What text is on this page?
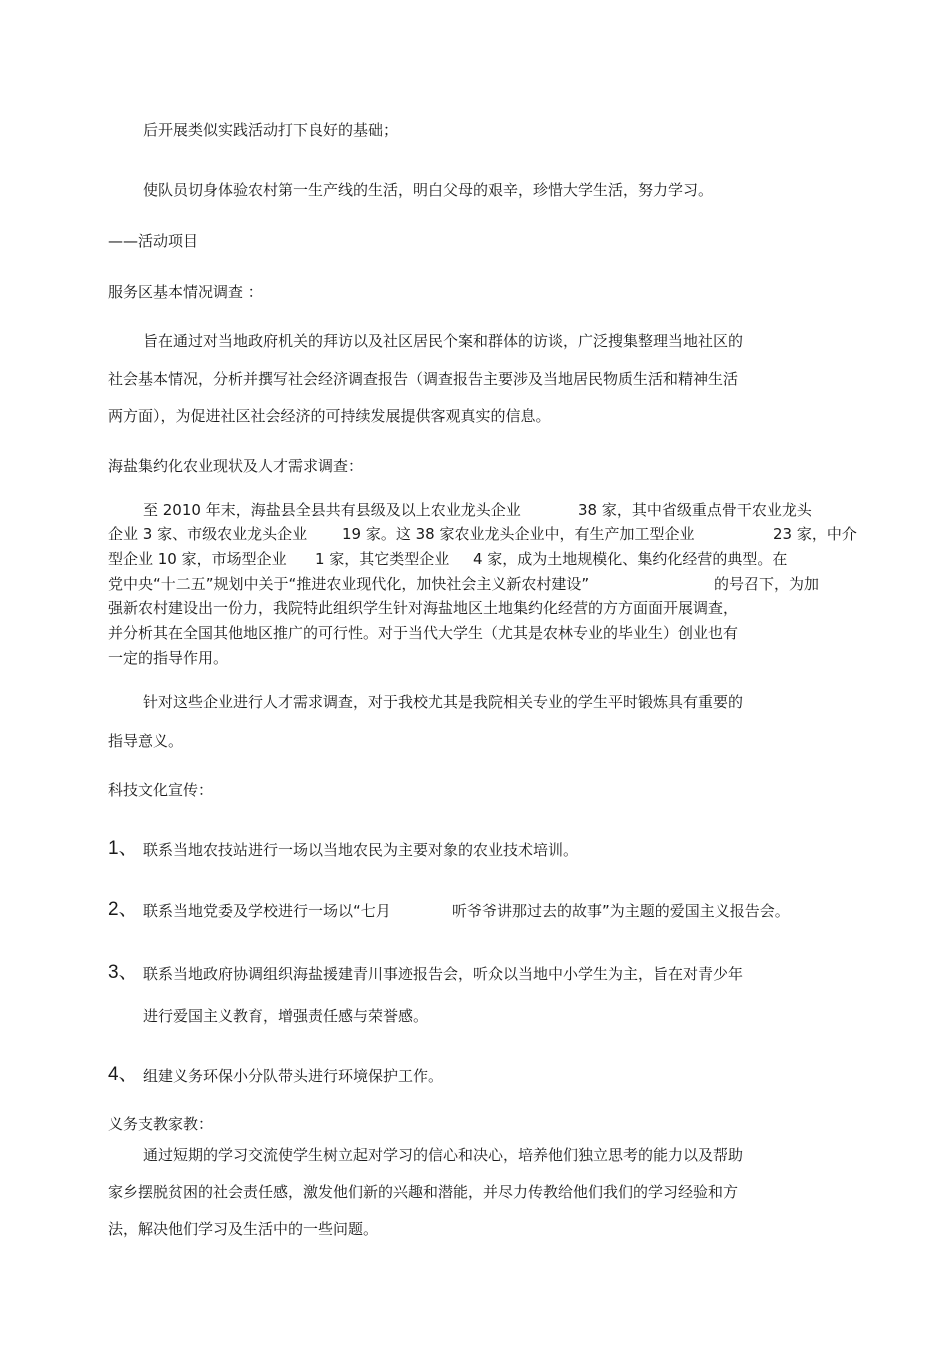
后开展类似实践活动打下良好的基础；
使队员切身体验农村第一生产线的生活，明白父母的艰辛，珍惜大学生活，努力学习。
——活动项目
服务区基本情况调查 ：
旨在通过对当地政府机关的拜访以及社区居民个案和群体的访谈，广泛搜集整理当地社区的
社会基本情况，分析并撰写社会经济调查报告（调查报告主要涉及当地居民物质生活和精神生活
两方面），为促进社区社会经济的可持续发展提供客观真实的信息。
海盐集约化农业现状及人才需求调查：
至 2010 年末，海盐县全县共有县级及以上农业龙头企业	38 家，其中省级重点骨干农业龙头
企业 3 家、市级农业龙头企业 19 家。这 38 家农业龙头企业中，有生产加工型企业	23 家，中介
型企业 10 家，市场型企业 1 家，其它类型企业 4 家，成为土地规模化、集约化经营的典型。在
党中央“十二五”规划中关于“推进农业现代化，加快社会主义新农村建设”	的号召下，为加
强新农村建设出一份力，我院特此组织学生针对海盐地区土地集约化经营的方方面面开展调查，
并分析其在全国其他地区推广的可行性。对于当代大学生（尤其是农林专业的毕业生）创业也有
一定的指导作用。
针对这些企业进行人才需求调查，对于我校尤其是我院相关专业的学生平时锻炼具有重要的
指导意义。
科技文化宣传：
1、 联系当地农技站进行一场以当地农民为主要对象的农业技术培训。
2、 联系当地党委及学校进行一场以“七月	听爷爷讲那过去的故事”为主题的爱国主义报告会。
3、 联系当地政府协调组织海盐援建青川事迹报告会，听众以当地中小学生为主，旨在对青少年
进行爱国主义教育，增强责任感与荣誉感。
4、 组建义务环保小分队带头进行环境保护工作。
义务支教家教：
通过短期的学习交流使学生树立起对学习的信心和决心，培养他们独立思考的能力以及帮助
家乡摆脱贫困的社会责任感，激发他们新的兴趣和潜能，并尽力传教给他们我们的学习经验和方
法，解决他们学习及生活中的一些问题。
